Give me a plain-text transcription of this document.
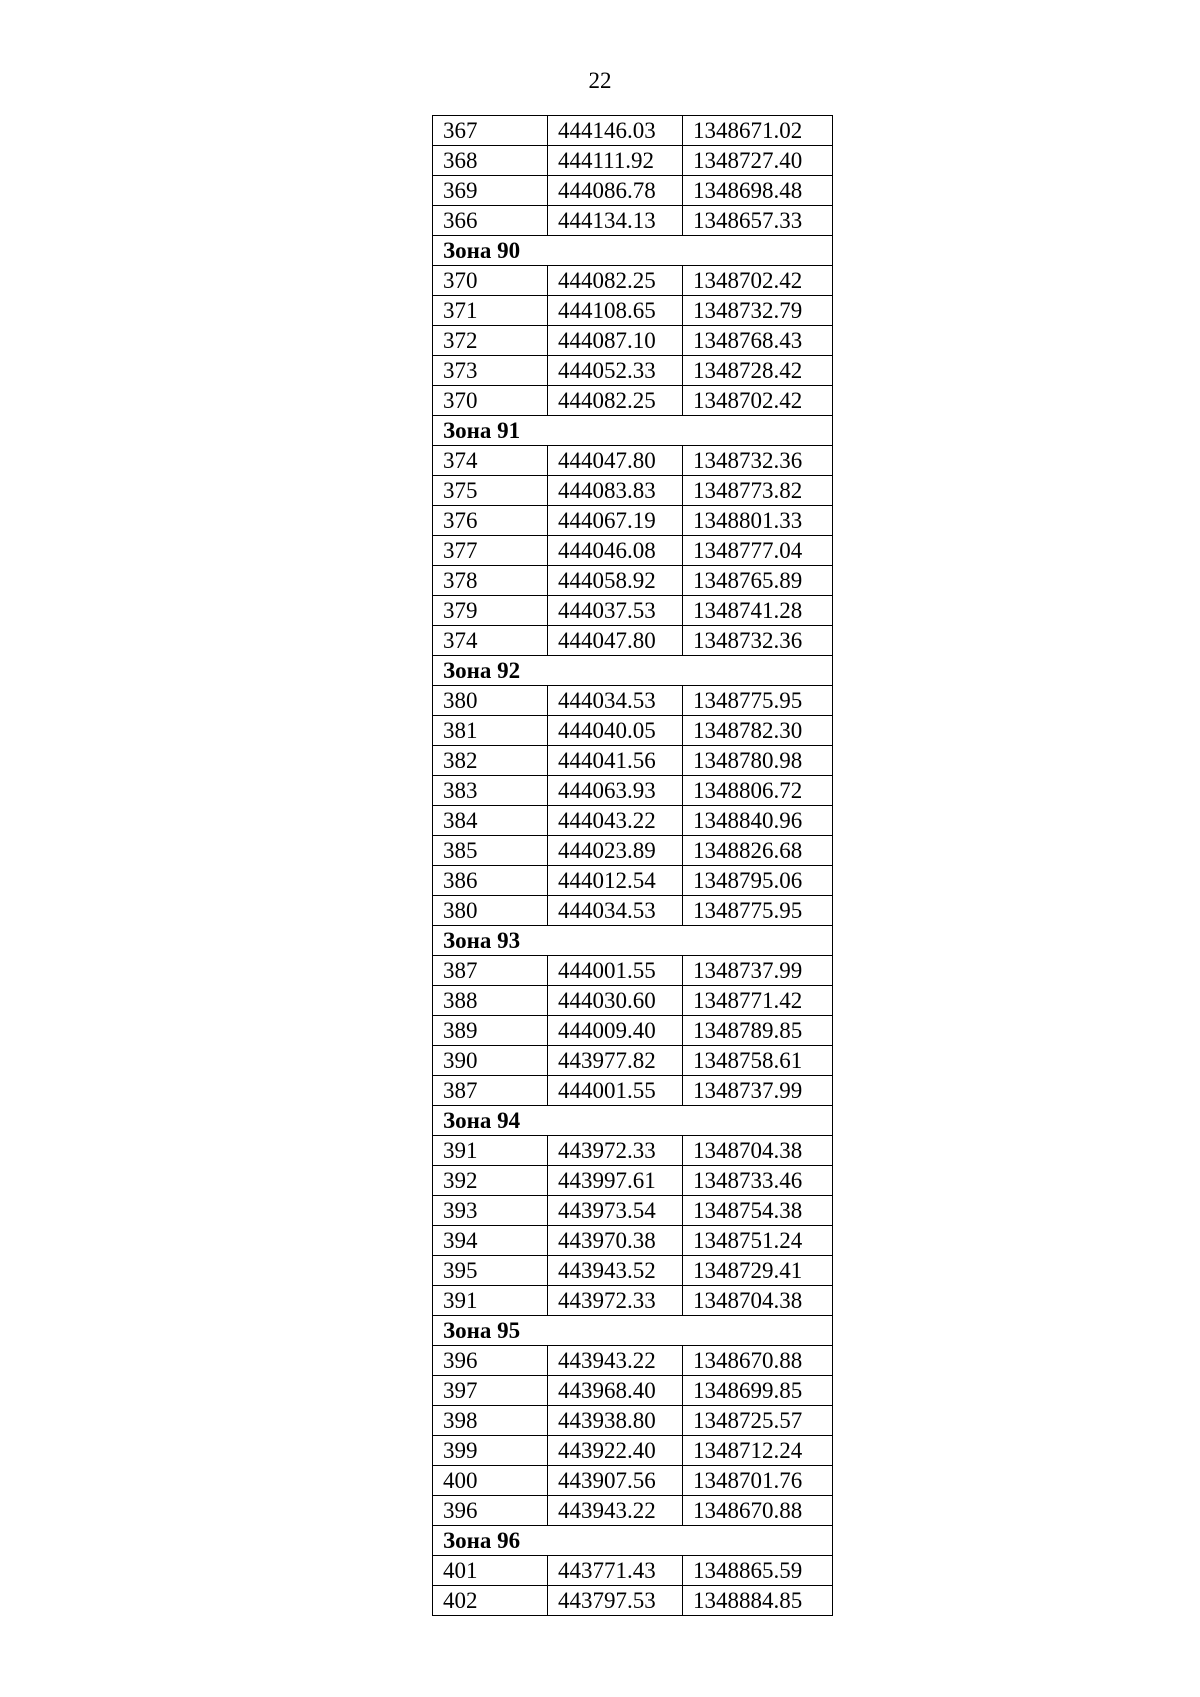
22
367	444146.03	1348671.02
368	444111.92	1348727.40
369	444086.78	1348698.48
366	444134.13	1348657.33
Зона 90		
370	444082.25	1348702.42
371	444108.65	1348732.79
372	444087.10	1348768.43
373	444052.33	1348728.42
370	444082.25	1348702.42
Зона 91		
374	444047.80	1348732.36
375	444083.83	1348773.82
376	444067.19	1348801.33
377	444046.08	1348777.04
378	444058.92	1348765.89
379	444037.53	1348741.28
374	444047.80	1348732.36
Зона 92		
380	444034.53	1348775.95
381	444040.05	1348782.30
382	444041.56	1348780.98
383	444063.93	1348806.72
384	444043.22	1348840.96
385	444023.89	1348826.68
386	444012.54	1348795.06
380	444034.53	1348775.95
Зона 93		
387	444001.55	1348737.99
388	444030.60	1348771.42
389	444009.40	1348789.85
390	443977.82	1348758.61
387	444001.55	1348737.99
Зона 94		
391	443972.33	1348704.38
392	443997.61	1348733.46
393	443973.54	1348754.38
394	443970.38	1348751.24
395	443943.52	1348729.41
391	443972.33	1348704.38
Зона 95		
396	443943.22	1348670.88
397	443968.40	1348699.85
398	443938.80	1348725.57
399	443922.40	1348712.24
400	443907.56	1348701.76
396	443943.22	1348670.88
Зона 96		
401	443771.43	1348865.59
402	443797.53	1348884.85
